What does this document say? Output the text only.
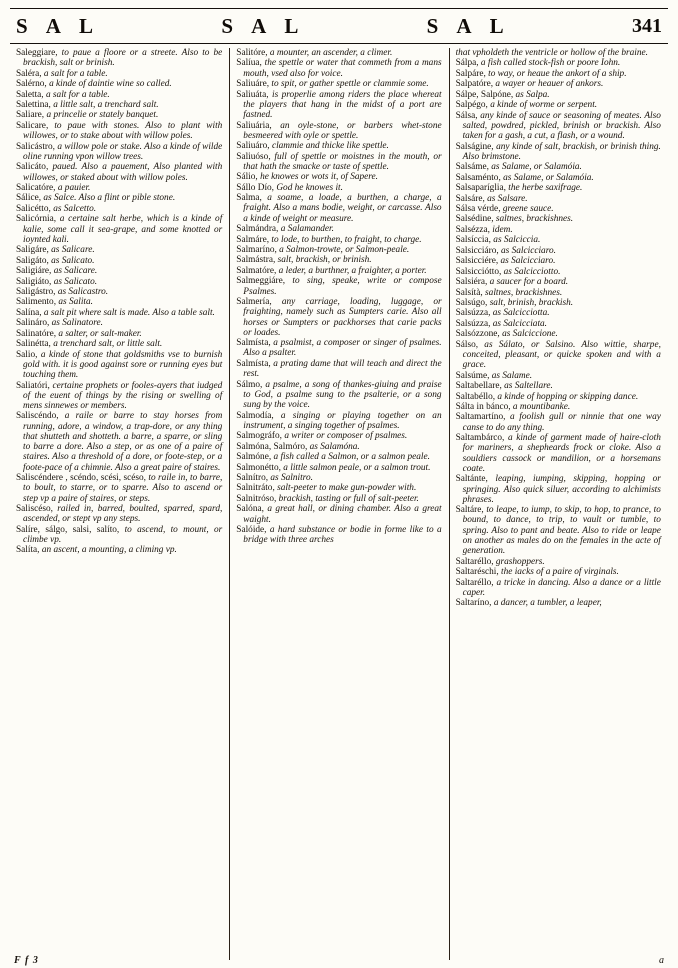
S A L	S A L	S A L	341

Saleggiare, to paue a floore or a streete. Also to be brackish, salt or brinish.

Saléra, a salt for a table.

Salérno, a kinde of daintie wine so called.

Saletta, a salt for a table.

Salettina, a little salt, a trenchard salt.

Saliare, a princelie or stately banquet.

Salicare, to paue with stones. Also to plant with willowes, or to stake about with willow poles.

Salicástro, a willow pole or stake. Also a kinde of wilde oline running vpon willow trees.

Salicáto, paued. Also a pauement, Also planted with willowes, or staked about with willow poles.

Salicatóre, a pauier.

Sálice, as Salce. Also a flint or pible stone.

Salicétto, as Salcetto.

Salicórnia, a certaine salt herbe, which is a kinde of kalie, some call it sea-grape, and some knotted or ioynted kali.

Saligáre, as Salicare.

Saligáto, as Salicato.

Saligiáre, as Salicare.

Saligiáto, as Salicato.

Saligástro, as Salicastro.

Salimento, as Salita.

Salína, a salt pit where salt is made. Also a table salt.

Salináro, as Salinatore.

Salinatóre, a salter, or salt-maker.

Salinétta, a trenchard salt, or little salt.

Salio, a kinde of stone that goldsmiths vse to burnish gold with. it is good against sore or running eyes but touching them.

Saliatóri, certaine prophets or fooles-ayers that iudged of the euent of things by the rising or swelling of mens sinnewes or members.

Saliscéndo, a raile or barre to stay horses from running, adore, a window, a trap-dore, or any thing that shutteth and shotteth. a barre, a sparre, or sling to barre a dore. Also a step, or as one of a paire of staires. Also a threshold of a dore, or foote-step, or a foote-pace of a chimnie. Also a great paire of staires.

Saliscéndere , scéndo, scési, scéso, to raile in, to barre, to boult, to starre, or to sparre. Also to ascend or step vp a paire of staires, or steps.

Saliscéso, railed in, barred, boulted, sparred, spard, ascended, or stept vp any steps.

Salíre, sálgo, salsi, salíto, to ascend, to mount, or climbe vp.

Salíta, an ascent, a mounting, a climing vp.

Salitóre, a mounter, an ascender, a climer.

Salíua, the spettle or water that commeth from a mans mouth, vsed also for voice.

Saliuáre, to spit, or gather spettle or clammie some.

Saliuáta, is properlie among riders the place whereat the players that hang in the midst of a port are fastned.

Saliuária, an oyle-stone, or barbers whet-stone besmeered with oyle or spettle.

Saliuáro, clammie and thicke like spettle.

Saliuóso, full of spettle or moistnes in the mouth, or that hath the smacke or taste of spettle.

Sálio, he knowes or wots it, of Sapere.

Sállo Dío, God he knowes it.

Salma, a soame, a loade, a burthen, a charge, a fraight. Also a mans bodie, weight, or carcasse. Also a kinde of weight or measure.

Salmándra, a Salamander.

Salmáre, to lode, to burthen, to fraight, to charge.

Salmaríno, a Salmon-trowte, or Salmon-peale.

Salmástra, salt, brackish, or brinish.

Salmatóre, a leder, a burthner, a fraighter, a porter.

Salmeggiáre, to sing, speake, write or compose Psalmes.

Salmería, any carriage, loading, luggage, or fraighting, namely such as Sumpters carie. Also all horses or Sumpters or packhorses that carie packs or loades.

Salmísta, a psalmist, a composer or singer of psalmes. Also a psalter.

Salmísta, a prating dame that will teach and direct the rest.

Sálmo, a psalme, a song of thankes-giuing and praise to God, a psalme sung to the psalterie, or a song sung by the voice.

Salmodía, a singing or playing together on an instrument, a singing together of psalmes.

Salmográfo, a writer or composer of psalmes.

Salmóna, Salmóro, as Salamóna.

Salmóne, a fish called a Salmon, or a salmon peale.

Salmonétto, a little salmon peale, or a salmon trout.

Salnítro, as Salnitro.

Salnitráto, salt-peeter to make gun-powder with.

Salnitróso, brackish, tasting or full of salt-peeter.

Salóna, a great hall, or dining chamber. Also a great waight.

Salóide, a hard substance or bodie in forme like to a bridge with three arches

that vpholdeth the ventricle or hollow of the braine.

Sálpa, a fish called stock-fish or poore Iohn.

Salpáre, to way, or heaue the ankort of a ship.

Salpatóre, a wayer or heauer of ankors.

Sálpe, Salpóne, as Salpa.

Salpégo, a kinde of worme or serpent.

Sálsa, any kinde of sauce or seasoning of meates. Also salted, powdred, pickled, brinish or brackish. Also taken for a gash, a cut, a flash, or a wound.

Salságine, any kinde of salt, brackish, or brinish thing. Also brimstone.

Salsáme, as Salame, or Salamóia.

Salsaménto, as Salame, or Salamóia.

Salsaparíglia, the herbe saxifrage.

Salsáre, as Salsare.

Sálsa vérde, greene sauce.

Salsédine, saltnes, brackishnes.

Salsézza, idem.

Salsíccia, as Salciccia.

Salsicciáro, as Salcicciaro.

Salsicciére, as Salcicciaro.

Salsicciótto, as Salcicciotto.

Salsiéra, a saucer for a board.

Salsítà, saltnes, brackishnes.

Salsúgo, salt, brinish, brackish.

Salsúzza, as Salcicciotta.

Salsúzza, as Salcicciata.

Salsózzone, as Salciccione.

Sálso, as Sálato, or Salsino. Also wittie, sharpe, conceited, pleasant, or quicke spoken and with a grace.

Salsúme, as Salame.

Saltabellare, as Saltellare.

Saltabéllo, a kinde of hopping or skipping dance.

Sálta in bánco, a mountibanke.

Saltamartíno, a foolish gull or ninnie that one way canse to do any thing.

Saltambárco, a kinde of garment made of haire-cloth for mariners, a shepheards frock or cloke. Also a souldiers cassock or mandilion, or a horsemans coate.

Saltánte, leaping, iumping, skipping, hopping or springing. Also quick siluer, according to alchimists phrases.

Saltáre, to leape, to iump, to skip, to hop, to prance, to bound, to dance, to trip, to vault or tumble, to spring. Also to pant and beate. Also to ride or leape on another as males do on the females in the acte of generation.

Saltaréllo, grashoppers.

Saltaréschi, the iacks of a paire of virginals.

Saltaréllo, a tricke in dancing. Also a dance or a little caper.

Saltaríno, a dancer, a tumbler, a leaper,

F f 3	a
